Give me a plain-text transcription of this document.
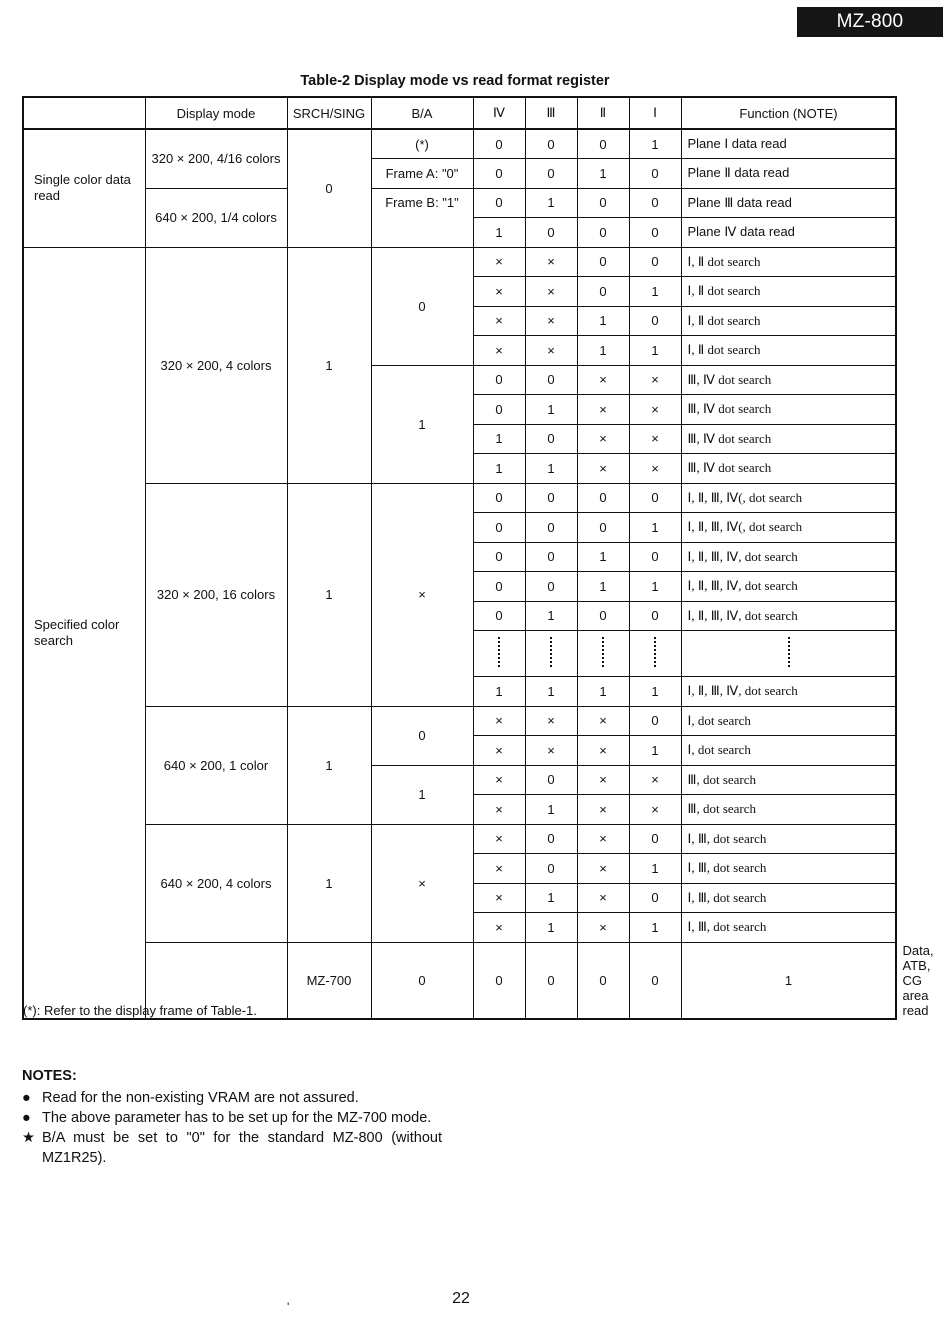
MZ-800
Table-2 Display mode vs read format register
	Display mode	SRCH/SING	B/A	Ⅳ	Ⅲ	Ⅱ	Ⅰ	Function (NOTE)	
Single color data read	320 × 200, 4/16 colors	0	(*)	0	0	0	1	Plane Ⅰ data read	
			Frame A: "0"	0	0	1	0	Plane Ⅱ data read	
	640 × 200, 1/4 colors		Frame B: "1"	0	1	0	0	Plane Ⅲ data read	
				1	0	0	0	Plane Ⅳ data read	
Specified color search	320 × 200, 4 colors	1	0	×	×	0	0	Ⅰ, Ⅱ dot search	
				×	×	0	1	Ⅰ, Ⅱ dot search	
				×	×	1	0	Ⅰ, Ⅱ dot search	
				×	×	1	1	Ⅰ, Ⅱ dot search	
			1	0	0	×	×	Ⅲ, Ⅳ dot search	
				0	1	×	×	Ⅲ, Ⅳ dot search	
				1	0	×	×	Ⅲ, Ⅳ dot search	
				1	1	×	×	Ⅲ, Ⅳ dot search	
	320 × 200, 16 colors	1	×	0	0	0	0	Ⅰ, Ⅱ, Ⅲ, Ⅳ(, dot search	
				0	0	0	1	Ⅰ, Ⅱ, Ⅲ, Ⅳ(, dot search	
				0	0	1	0	Ⅰ, Ⅱ, Ⅲ, Ⅳ, dot search	
				0	0	1	1	Ⅰ, Ⅱ, Ⅲ, Ⅳ, dot search	
				0	1	0	0	Ⅰ, Ⅱ, Ⅲ, Ⅳ, dot search	

				1	1	1	1	Ⅰ, Ⅱ, Ⅲ, Ⅳ, dot search	
	640 × 200, 1 color	1	0	×	×	×	0	Ⅰ, dot search	
				×	×	×	1	Ⅰ, dot search	
			1	×	0	×	×	Ⅲ, dot search	
				×	1	×	×	Ⅲ, dot search	
	640 × 200, 4 colors	1	×	×	0	×	0	Ⅰ, Ⅲ, dot search	
				×	0	×	1	Ⅰ, Ⅲ, dot search	
				×	1	×	0	Ⅰ, Ⅲ, dot search	
				×	1	×	1	Ⅰ, Ⅲ, dot search	
		MZ-700	0	0	0	0	0	1	Data, ATB, CG area read
(*): Refer to the display frame of Table-1.
NOTES:
● Read for the non-existing VRAM are not assured.
● The above parameter has to be set up for the MZ-700 mode.
★ B/A must be set to "0" for the standard MZ-800 (without MZ1R25).
'	22
